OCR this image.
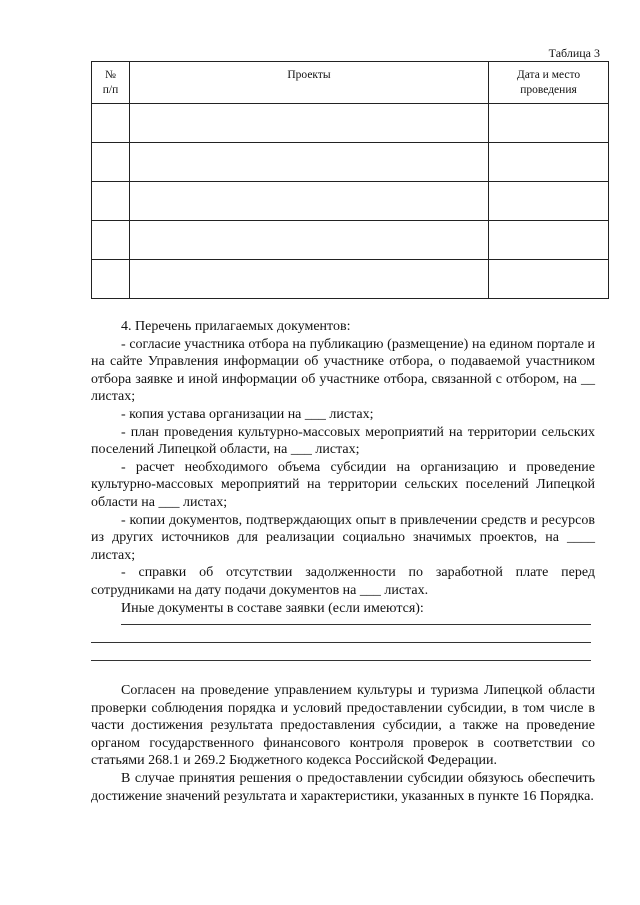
Таблица 3
№
п/п	Проекты	Дата и место
проведения

4. Перечень прилагаемых документов:

- согласие участника отбора на публикацию (размещение) на едином портале и на сайте Управления информации об участнике отбора, о подаваемой участником отбора заявке и иной информации об участнике отбора, связанной с отбором, на __ листах;

- копия устава организации на ___ листах;

- план проведения культурно-массовых мероприятий на территории сельских поселений Липецкой области, на ___ листах;

- расчет необходимого объема субсидии на организацию и проведение культурно-массовых мероприятий на территории сельских поселений Липецкой области на ___ листах;

- копии документов, подтверждающих опыт в привлечении средств и ресурсов из других источников для реализации социально значимых проектов, на ____ листах;

- справки об отсутствии задолженности по заработной плате перед сотрудниками на дату подачи документов на ___ листах.

Иные документы в составе заявки (если имеются):

Согласен на проведение управлением культуры и туризма Липецкой области проверки соблюдения порядка и условий предоставлении субсидии, в том числе в части достижения результата предоставления субсидии, а также на проведение органом государственного финансового контроля проверок в соответствии со статьями 268.1 и 269.2 Бюджетного кодекса Российской Федерации.

В случае принятия решения о предоставлении субсидии обязуюсь обеспечить достижение значений результата и характеристики, указанных в пункте 16 Порядка.
